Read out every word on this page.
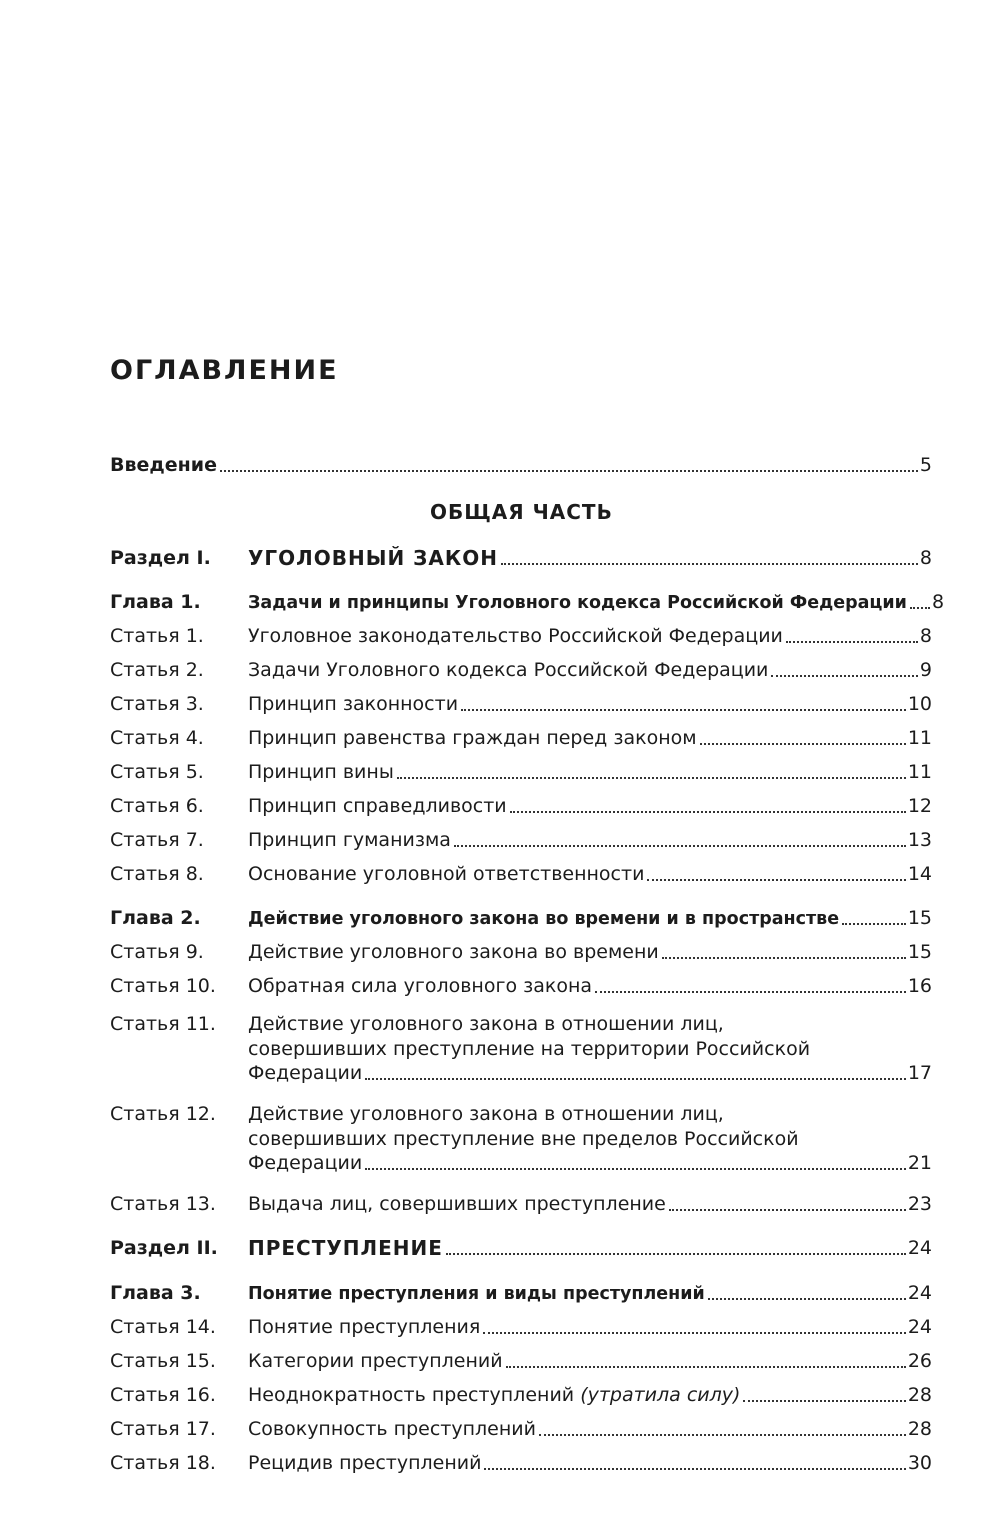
ОГЛАВЛЕНИЕ
Введение	5
ОБЩАЯ ЧАСТЬ
Раздел I.	УГОЛОВНЫЙ ЗАКОН	8
Глава 1.	Задачи и принципы Уголовного кодекса Российской Федерации 8
Статья 1.	Уголовное законодательство Российской Федерации	8
Статья 2.	Задачи Уголовного кодекса Российской Федерации	9
Статья 3.	Принцип законности	10
Статья 4.	Принцип равенства граждан перед законом	11
Статья 5.	Принцип вины	11
Статья 6.	Принцип справедливости	12
Статья 7.	Принцип гуманизма	13
Статья 8.	Основание уголовной ответственности	14
Глава 2.	Действие уголовного закона во времени и в пространстве	15
Статья 9.	Действие уголовного закона во времени	15
Статья 10.	Обратная сила уголовного закона	16
Статья 11.	Действие уголовного закона в отношении лиц,
совершивших преступление на территории Российской
Федерации	17
Статья 12.	Действие уголовного закона в отношении лиц,
совершивших преступление вне пределов Российской
Федерации	21
Статья 13.	Выдача лиц, совершивших преступление	23
Раздел II.	ПРЕСТУПЛЕНИЕ	24
Глава 3.	Понятие преступления и виды преступлений	24
Статья 14.	Понятие преступления	24
Статья 15.	Категории преступлений	26
Статья 16.	Неоднократность преступлений
(утратила силу)	28
Статья 17.	Совокупность преступлений	28
Статья 18.	Рецидив преступлений	30
